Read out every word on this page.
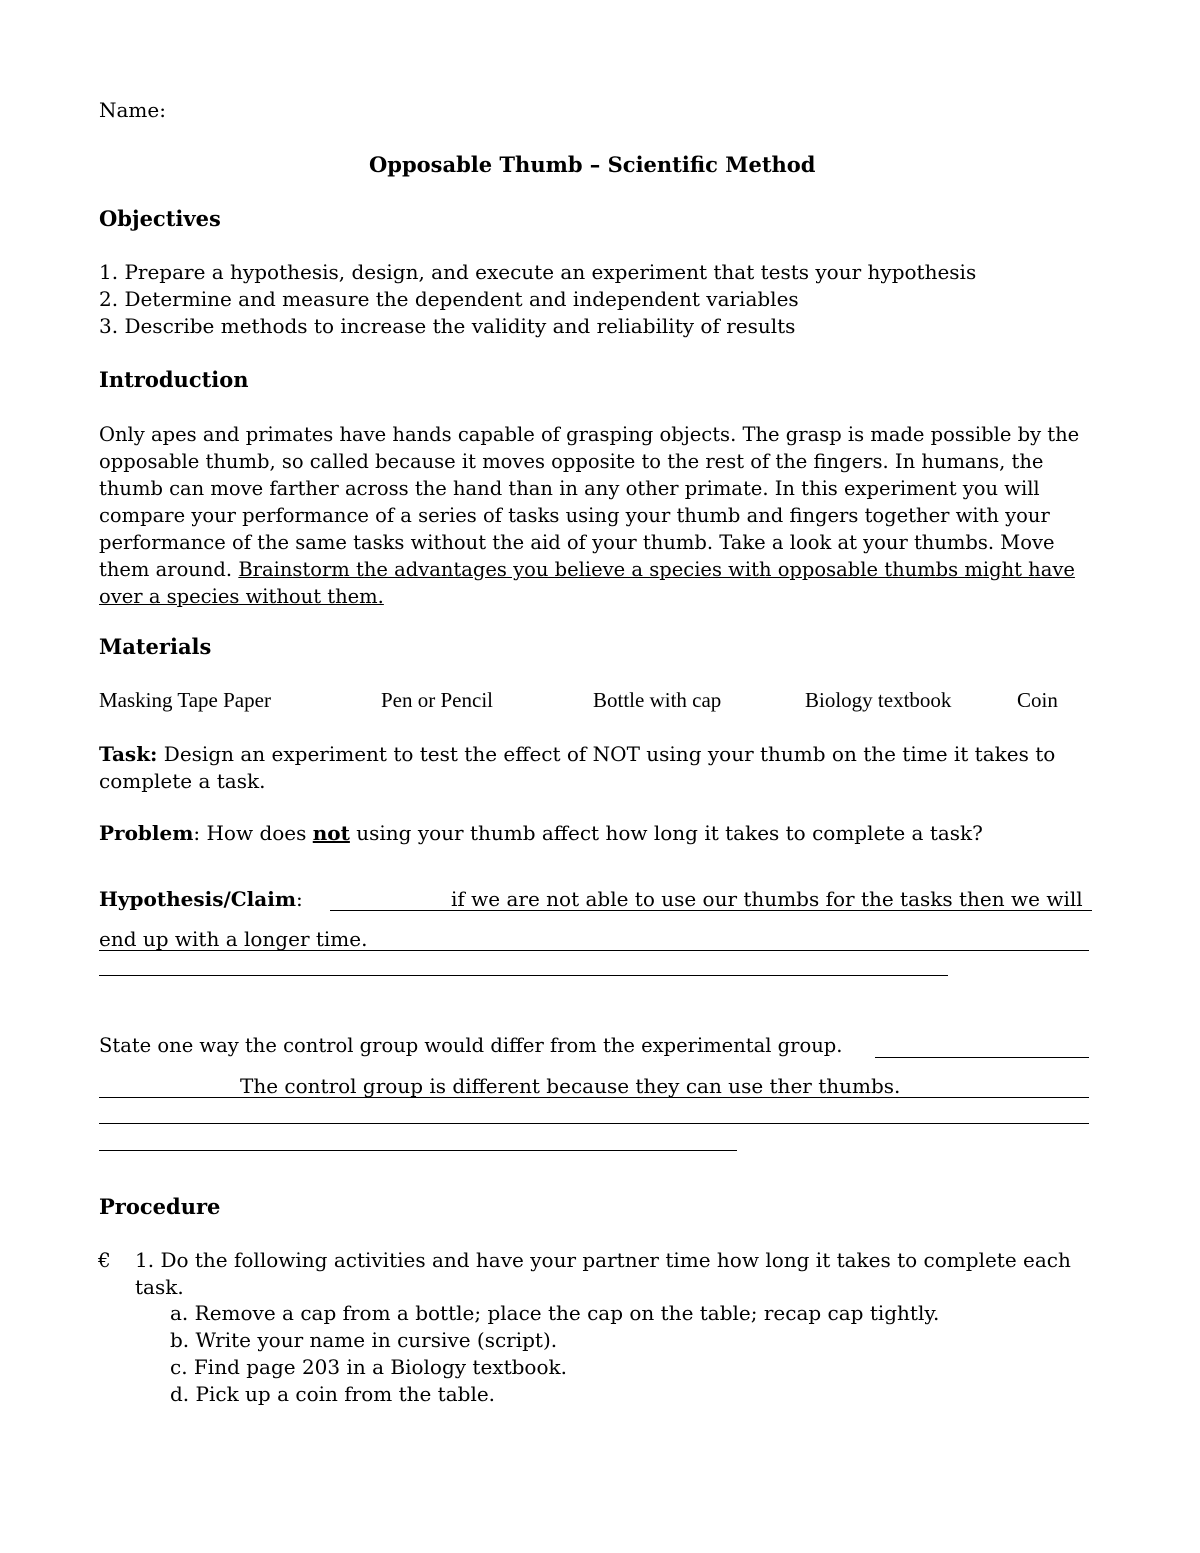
Name:
Opposable Thumb – Scientific Method
Objectives
1. Prepare a hypothesis, design, and execute an experiment that tests your hypothesis
2. Determine and measure the dependent and independent variables
3. Describe methods to increase the validity and reliability of results
Introduction
Only apes and primates have hands capable of grasping objects. The grasp is made possible by the opposable thumb, so called because it moves opposite to the rest of the fingers. In humans, the thumb can move farther across the hand than in any other primate. In this experiment you will compare your performance of a series of tasks using your thumb and fingers together with your performance of the same tasks without the aid of your thumb. Take a look at your thumbs. Move them around. Brainstorm the advantages you believe a species with opposable thumbs might have over a species without them.
Materials
Masking Tape Paper	Pen or Pencil	Bottle with cap	Biology textbook	Coin
Task: Design an experiment to test the effect of NOT using your thumb on the time it takes to complete a task.
Problem: How does not using your thumb affect how long it takes to complete a task?
Hypothesis/Claim:	if we are not able to use our thumbs for the tasks then we will
end up with a longer time.
State one way the control group would differ from the experimental group.
The control group is different because they can use ther thumbs.
Procedure
€ 1. Do the following activities and have your partner time how long it takes to complete each
task.
a. Remove a cap from a bottle; place the cap on the table; recap cap tightly.
b. Write your name in cursive (script).
c. Find page 203 in a Biology textbook.
d. Pick up a coin from the table.
